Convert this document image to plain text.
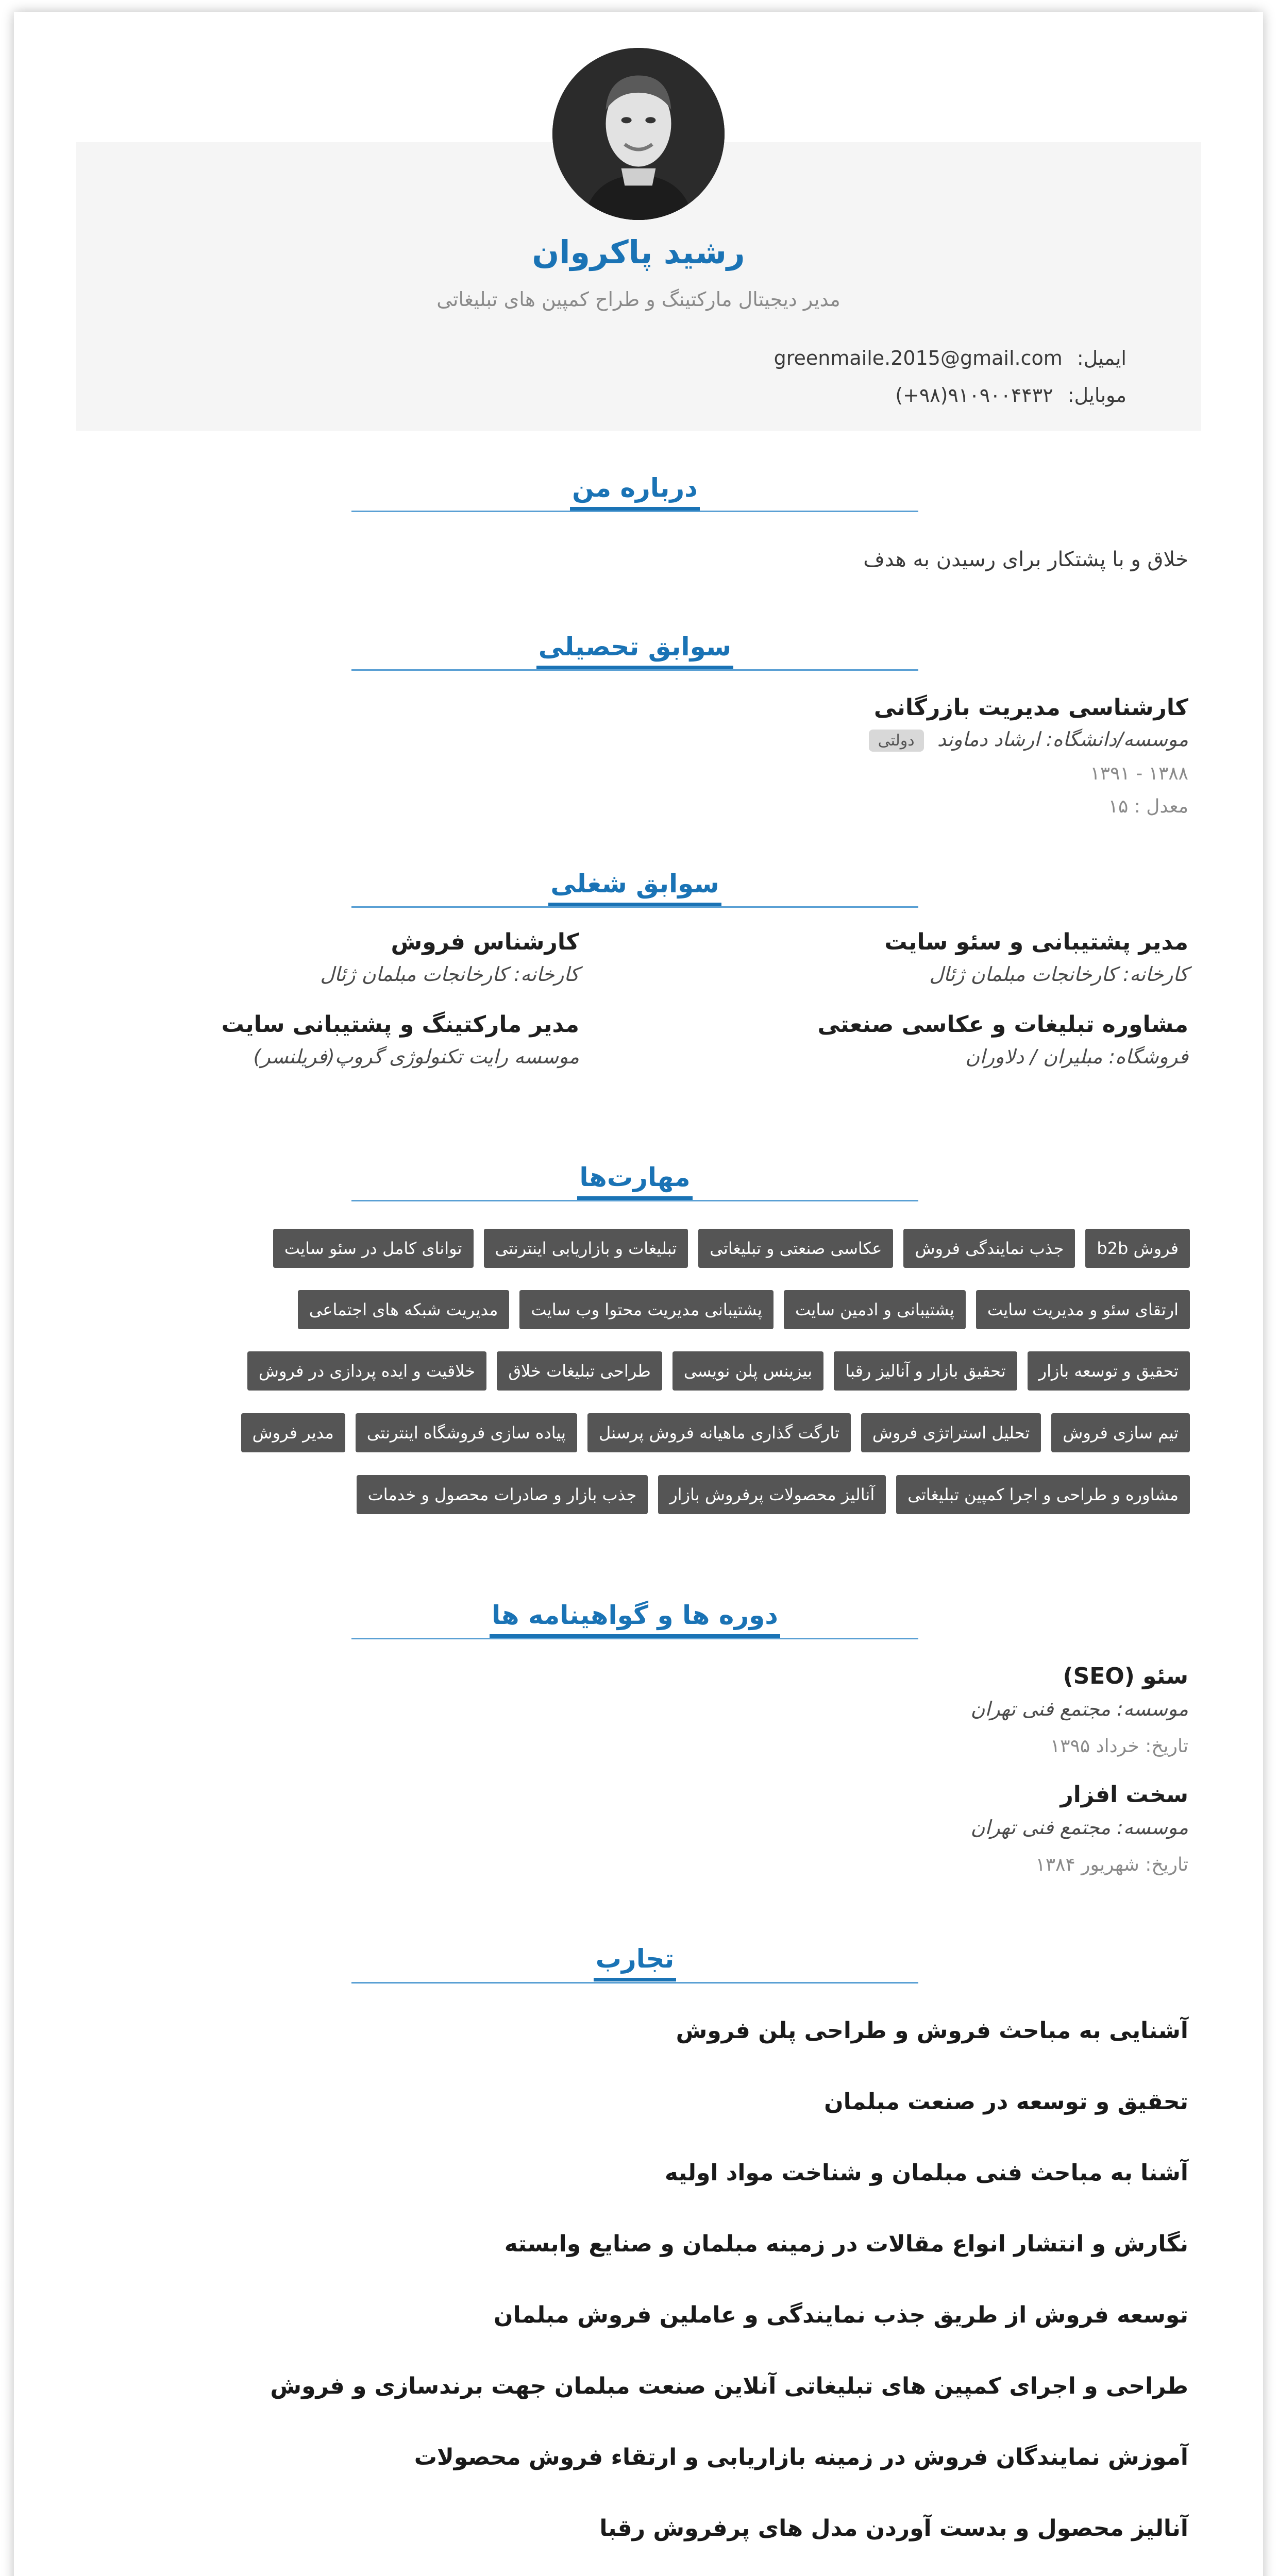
رشید پاکروان
مدیر دیجیتال مارکتینگ و طراح کمپین های تبلیغاتی
ایمیل: greenmaile.2015@gmail.com
موبایل: (+۹۸)۹۱۰۹۰۰۴۴۳۲
درباره من
خلاق و با پشتکار برای رسیدن به هدف
سوابق تحصیلی
کارشناسی مدیریت بازرگانی
موسسه/دانشگاه: ارشاد دماوند دولتی
۱۳۸۸ - ۱۳۹۱
معدل : ۱۵
سوابق شغلی
مدیر پشتیبانی و سئو سایت
کارخانه: کارخانجات مبلمان ژئال
کارشناس فروش
کارخانه: کارخانجات مبلمان ژئال
مشاوره تبلیغات و عکاسی صنعتی
فروشگاه: مبلیران / دلاوران
مدیر مارکتینگ و پشتیبانی سایت
موسسه رایت تکنولوژی گروپ(فریلنسر)
مهارت‌ها
فروش b2b
جذب نمایندگی فروش
عکاسی صنعتی و تبلیغاتی
تبلیغات و بازاریابی اینترنتی
توانای کامل در سئو سایت
ارتقای سئو و مدیریت سایت
پشتیبانی و ادمین سایت
پشتیبانی مدیریت محتوا وب سایت
مدیریت شبکه های اجتماعی
تحقیق و توسعه بازار
تحقیق بازار و آنالیز رقبا
بیزینس پلن نویسی
طراحی تبلیغات خلاق
خلاقیت و ایده پردازی در فروش
تیم سازی فروش
تحلیل استراتژی فروش
تارگت گذاری ماهیانه فروش پرسنل
پیاده سازی فروشگاه اینترنتی
مدیر فروش
مشاوره و طراحی و اجرا کمپین تبلیغاتی
آنالیز محصولات پرفروش بازار
جذب بازار و صادرات محصول و خدمات
دوره ها و گواهینامه ها
سئو (SEO)
موسسه: مجتمع فنی تهران
تاریخ: خرداد ۱۳۹۵
سخت افزار
موسسه: مجتمع فنی تهران
تاریخ: شهریور ۱۳۸۴
تجارب
آشنایی به مباحث فروش و طراحی پلن فروش
تحقیق و توسعه در صنعت مبلمان
آشنا به مباحث فنی مبلمان و شناخت مواد اولیه
نگارش و انتشار انواع مقالات در زمینه مبلمان و صنایع وابسته
توسعه فروش از طریق جذب نمایندگی و عاملین فروش مبلمان
طراحی و اجرای کمپین های تبلیغاتی آنلاین صنعت مبلمان جهت برندسازی و فروش
آموزش نمایندگان فروش در زمینه بازاریابی و ارتقاء فروش محصولات
آنالیز محصول و بدست آوردن مدل های پرفروش رقبا
